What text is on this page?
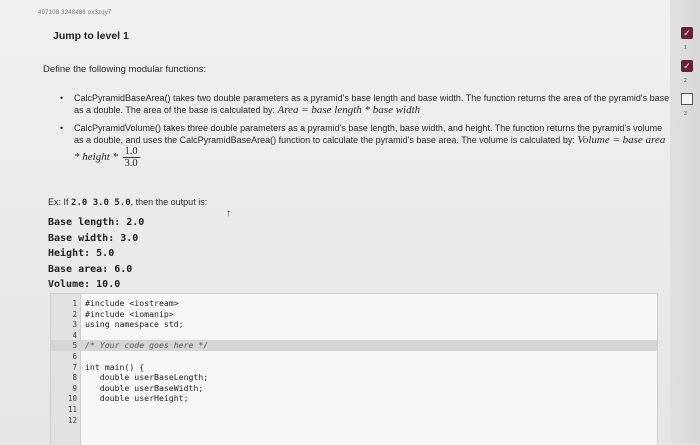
497108 3248486 ox3zqy7
Jump to level 1
Define the following modular functions:
• CalcPyramidBaseArea() takes two double parameters as a pyramid's base length and base width. The function returns the area of the pyramid's base as a double. The area of the base is calculated by: Area = base length * base width
• CalcPyramidVolume() takes three double parameters as a pyramid's base length, base width, and height. The function returns the pyramid's volume as a double, and uses the CalcPyramidBaseArea() function to calculate the pyramid's base area. The volume is calculated by: Volume = base area * height * $\frac{1.0}{3.0}$
Ex: If 2.0 3.0 5.0, then the output is:
↑
Base length: 2.0
Base width: 3.0
Height: 5.0
Base area: 6.0
Volume: 10.0
1 #include <iostream>
2 #include <iomanip>
3 using namespace std;
4
5 /* Your code goes here */
6
7 int main() {
8 double userBaseLength;
9 double userBaseWidth;
10 double userHeight;
11
12
✓
1
✓
2
3
